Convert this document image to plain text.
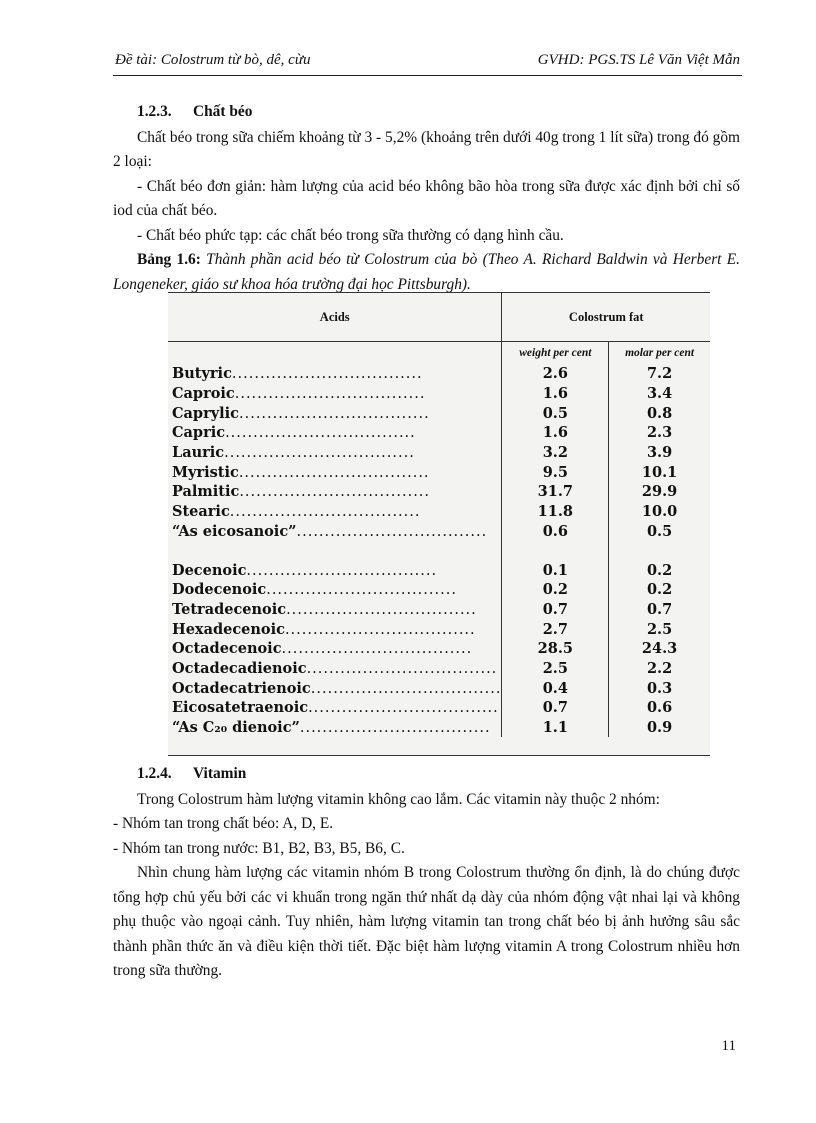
Đề tài: Colostrum từ bò, dê, cừu	GVHD: PGS.TS Lê Văn Việt Mẫn
1.2.3. Chất béo

Chất béo trong sữa chiếm khoảng từ 3 - 5,2% (khoảng trên dưới 40g trong 1 lít sữa) trong đó gồm 2 loại:

- Chất béo đơn giản: hàm lượng của acid béo không bão hòa trong sữa được xác định bởi chỉ số iod của chất béo.

- Chất béo phức tạp: các chất béo trong sữa thường có dạng hình cầu.

Bảng 1.6: Thành phần acid béo từ Colostrum của bò (Theo A. Richard Baldwin và Herbert E. Longeneker, giáo sư khoa hóa trường đại học Pittsburgh).
Acids	Colostrum fat	
	weight per cent	molar per cent
Butyric..................................	2.6	7.2
Caproic..................................	1.6	3.4
Caprylic..................................	0.5	0.8
Capric..................................	1.6	2.3
Lauric..................................	3.2	3.9
Myristic..................................	9.5	10.1
Palmitic..................................	31.7	29.9
Stearic..................................	11.8	10.0
“As eicosanoic”..................................	0.6	0.5

Decenoic..................................	0.1	0.2
Dodecenoic..................................	0.2	0.2
Tetradecenoic..................................	0.7	0.7
Hexadecenoic..................................	2.7	2.5
Octadecenoic..................................	28.5	24.3
Octadecadienoic..................................	2.5	2.2
Octadecatrienoic..................................	0.4	0.3
Eicosatetraenoic..................................	0.7	0.6
“As C₂₀ dienoic”..................................	1.1	0.9
1.2.4. Vitamin

Trong Colostrum hàm lượng vitamin không cao lắm. Các vitamin này thuộc 2 nhóm:

- Nhóm tan trong chất béo: A, D, E.

- Nhóm tan trong nước: B1, B2, B3, B5, B6, C.

Nhìn chung hàm lượng các vitamin nhóm B trong Colostrum thường ổn định, là do chúng được tổng hợp chủ yếu bởi các vi khuẩn trong ngăn thứ nhất dạ dày của nhóm động vật nhai lại và không phụ thuộc vào ngoại cảnh. Tuy nhiên, hàm lượng vitamin tan trong chất béo bị ảnh hưởng sâu sắc thành phần thức ăn và điều kiện thời tiết. Đặc biệt hàm lượng vitamin A trong Colostrum nhiều hơn trong sữa thường.

11
